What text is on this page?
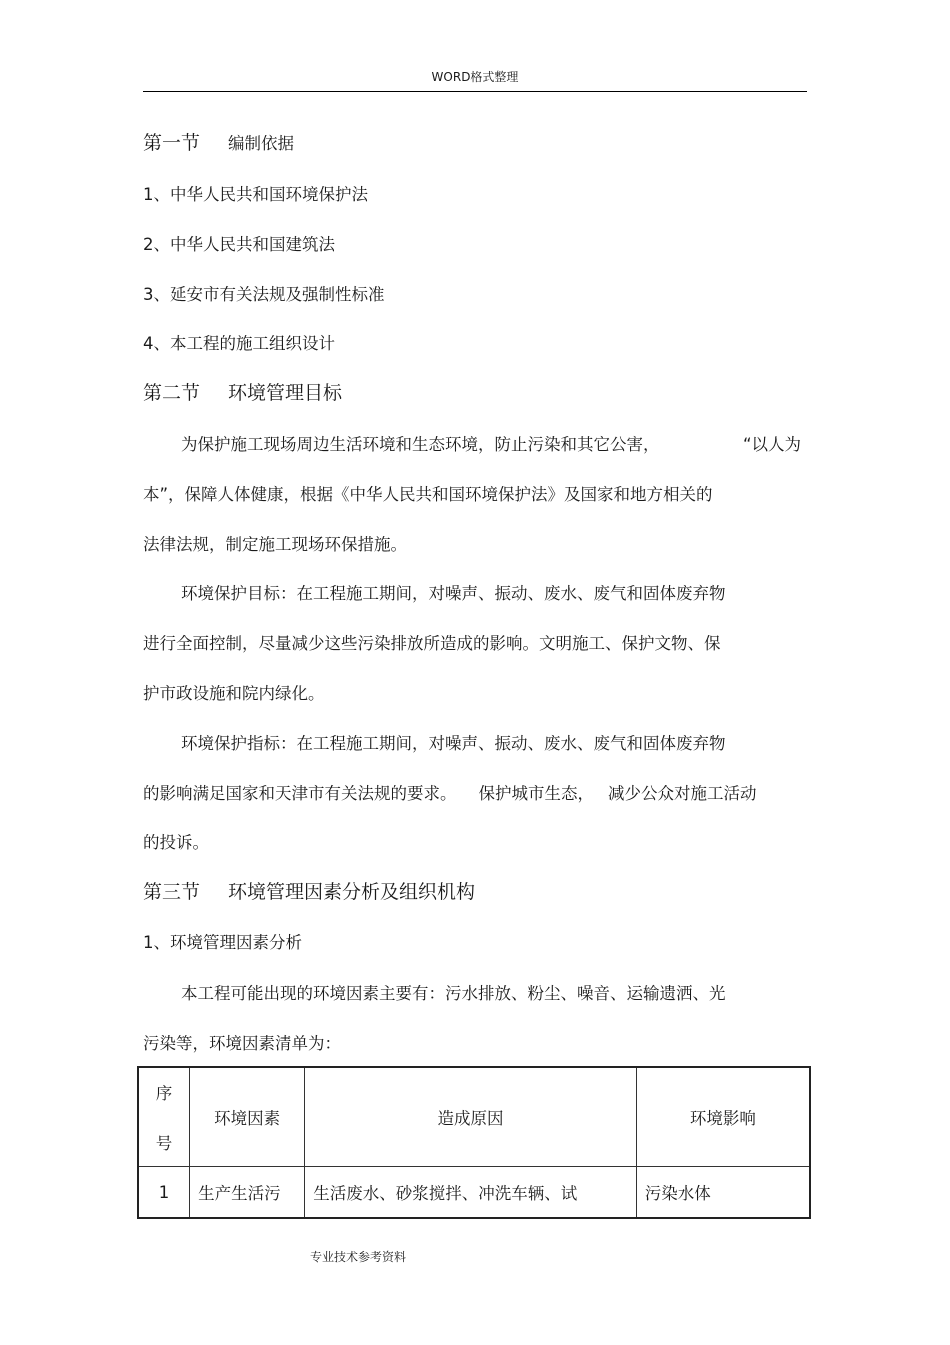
WORD格式整理
第一节 编制依据
1、中华人民共和国环境保护法
2、中华人民共和国建筑法
3、延安市有关法规及强制性标准
4、本工程的施工组织设计
第二节 环境管理目标
为保护施工现场周边生活环境和生态环境，防止污染和其它公害，	“以人为
本”，保障人体健康，根据《中华人民共和国环境保护法》及国家和地方相关的
法律法规，制定施工现场环保措施。
环境保护目标：在工程施工期间，对噪声、振动、废水、废气和固体废弃物
进行全面控制，尽量减少这些污染排放所造成的影响。文明施工、保护文物、保
护市政设施和院内绿化。
环境保护指标：在工程施工期间，对噪声、振动、废水、废气和固体废弃物
的影响满足国家和天津市有关法规的要求。 保护城市生态， 减少公众对施工活动
的投诉。
第三节 环境管理因素分析及组织机构
1、环境管理因素分析
本工程可能出现的环境因素主要有：污水排放、粉尘、噪音、运输遗洒、光
污染等，环境因素清单为：
序
号	环境因素	造成原因	环境影响
1	生产生活污	生活废水、砂浆搅拌、冲洗车辆、试	污染水体
专业技术参考资料
